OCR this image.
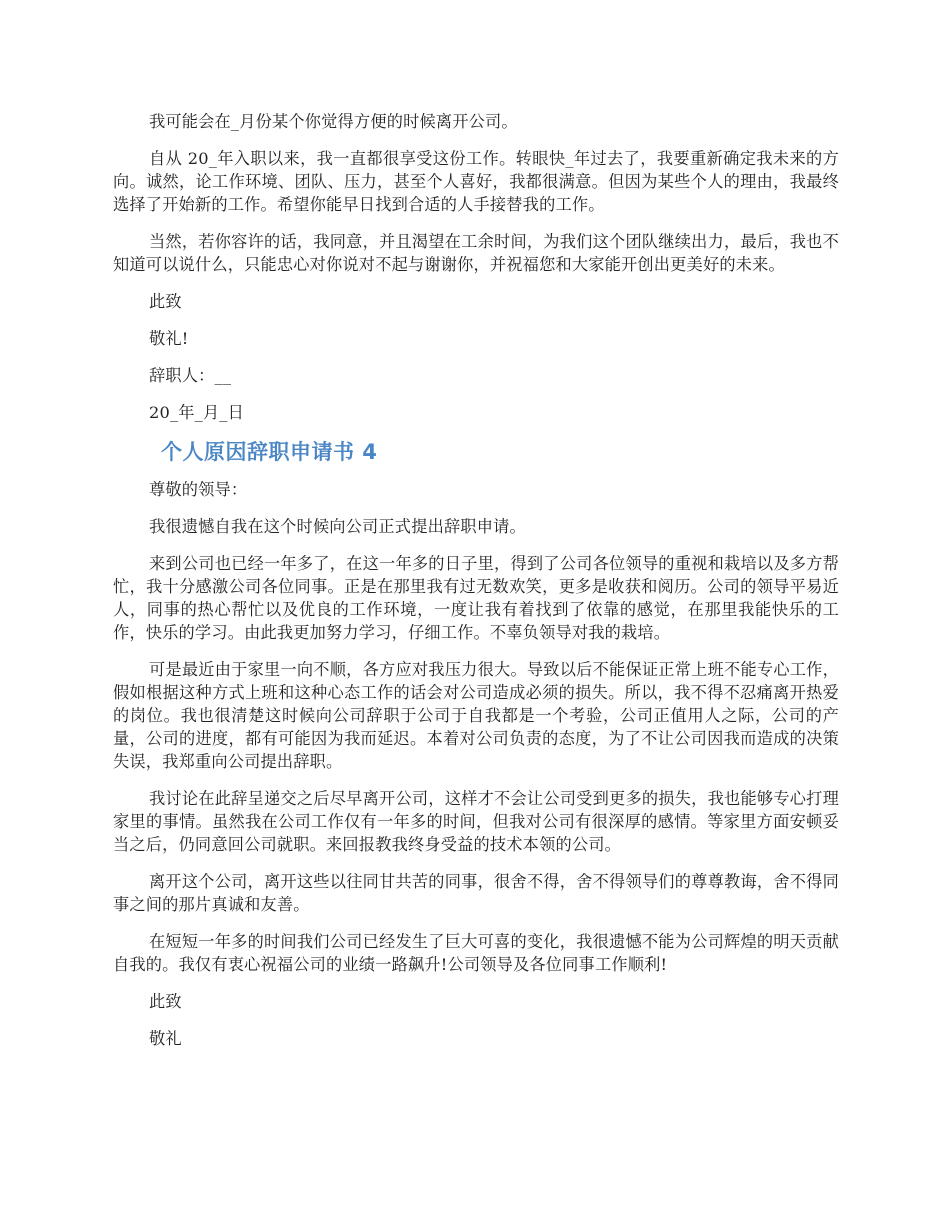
我可能会在_月份某个你觉得方便的时候离开公司。

自从 20_年入职以来，我一直都很享受这份工作。转眼快_年过去了，我要重新确定我未来的方向。诚然，论工作环境、团队、压力，甚至个人喜好，我都很满意。但因为某些个人的理由，我最终选择了开始新的工作。希望你能早日找到合适的人手接替我的工作。

当然，若你容许的话，我同意，并且渴望在工余时间，为我们这个团队继续出力，最后，我也不知道可以说什么，只能忠心对你说对不起与谢谢你，并祝福您和大家能开创出更美好的未来。

此致

敬礼!

辞职人：__

20_年_月_日

个人原因辞职申请书 4

尊敬的领导：

我很遗憾自我在这个时候向公司正式提出辞职申请。

来到公司也已经一年多了，在这一年多的日子里，得到了公司各位领导的重视和栽培以及多方帮忙，我十分感激公司各位同事。正是在那里我有过无数欢笑，更多是收获和阅历。公司的领导平易近人，同事的热心帮忙以及优良的工作环境，一度让我有着找到了依靠的感觉，在那里我能快乐的工作，快乐的学习。由此我更加努力学习，仔细工作。不辜负领导对我的栽培。

可是最近由于家里一向不顺，各方应对我压力很大。导致以后不能保证正常上班不能专心工作，假如根据这种方式上班和这种心态工作的话会对公司造成必须的损失。所以，我不得不忍痛离开热爱的岗位。我也很清楚这时候向公司辞职于公司于自我都是一个考验，公司正值用人之际，公司的产量，公司的进度，都有可能因为我而延迟。本着对公司负责的态度，为了不让公司因我而造成的决策失误，我郑重向公司提出辞职。

我讨论在此辞呈递交之后尽早离开公司，这样才不会让公司受到更多的损失，我也能够专心打理家里的事情。虽然我在公司工作仅有一年多的时间，但我对公司有很深厚的感情。等家里方面安顿妥当之后，仍同意回公司就职。来回报教我终身受益的技术本领的公司。

离开这个公司，离开这些以往同甘共苦的同事，很舍不得，舍不得领导们的尊尊教诲，舍不得同事之间的那片真诚和友善。

在短短一年多的时间我们公司已经发生了巨大可喜的变化，我很遗憾不能为公司辉煌的明天贡献自我的。我仅有衷心祝福公司的业绩一路飙升!公司领导及各位同事工作顺利!

此致

敬礼
